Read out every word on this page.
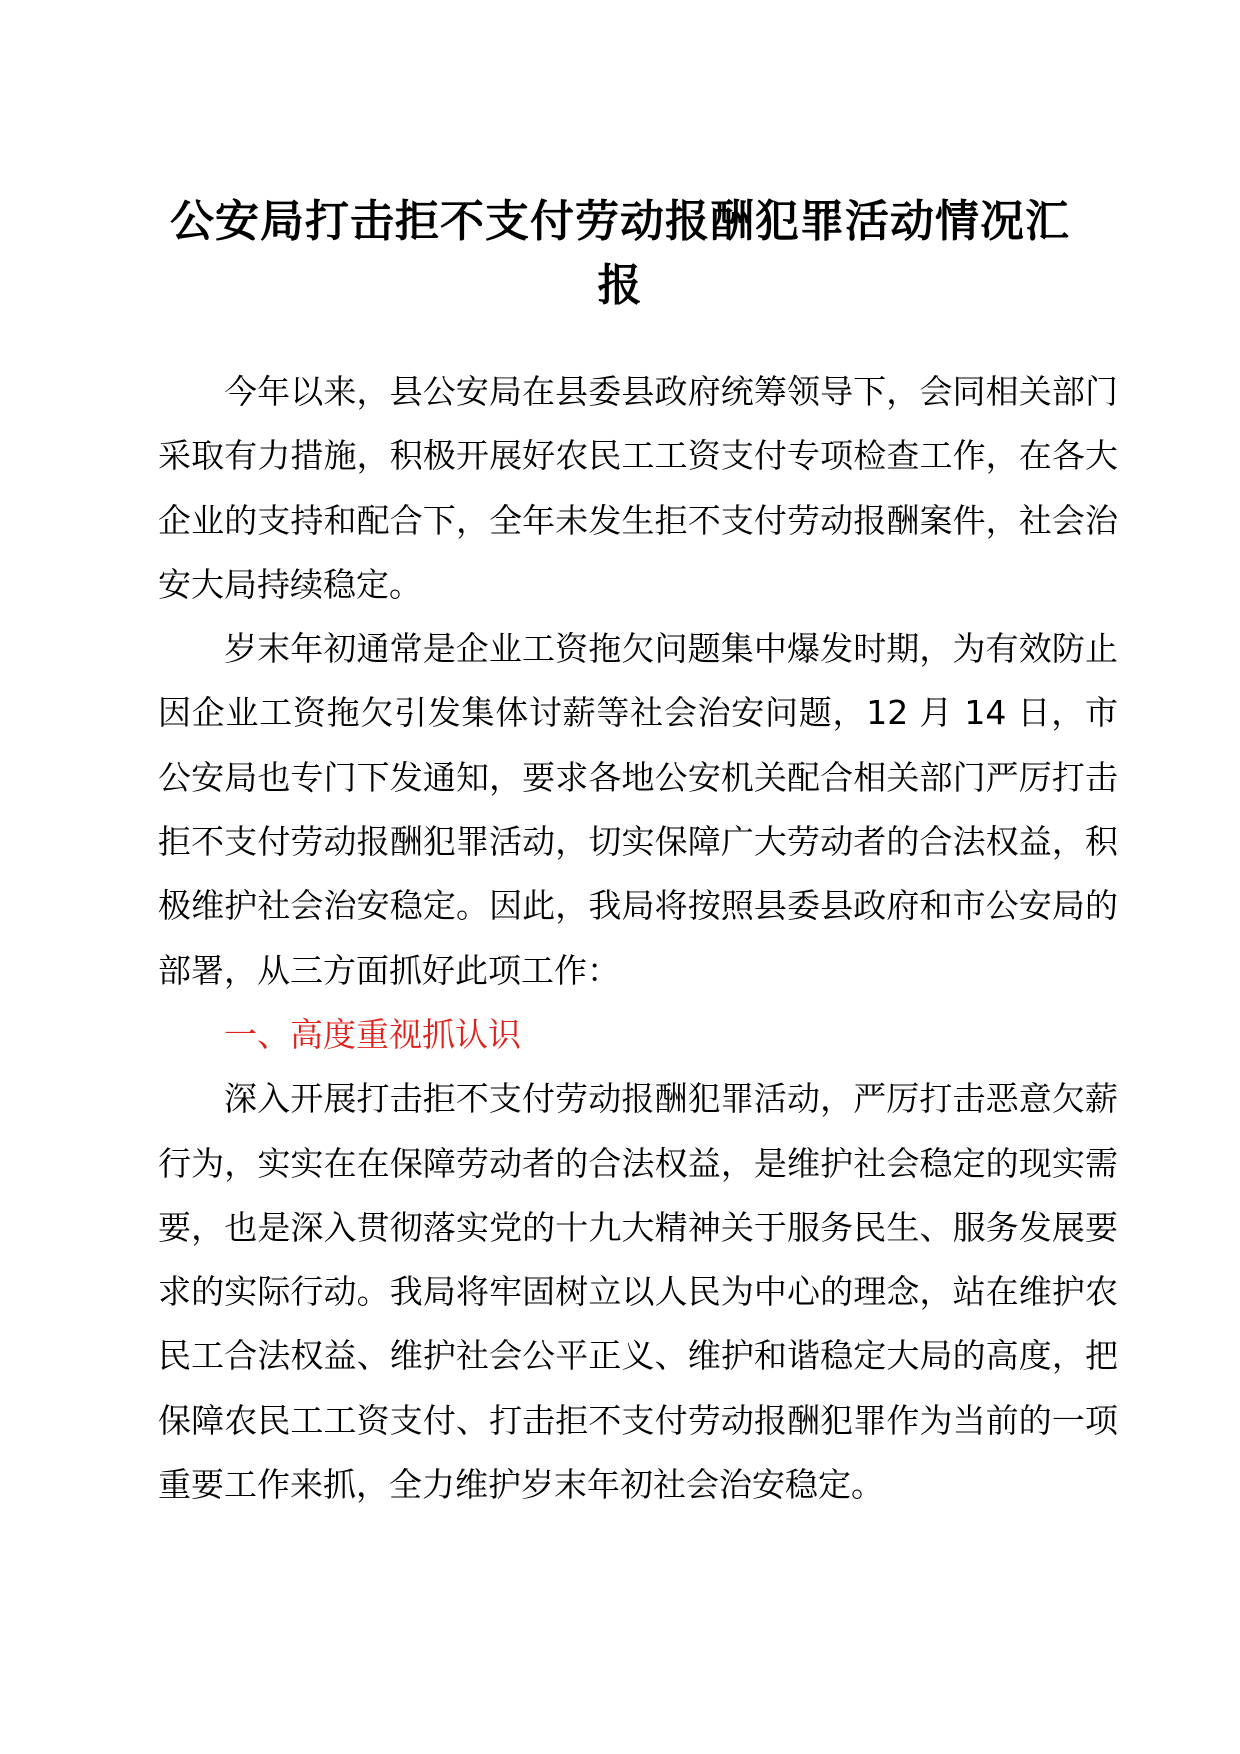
公安局打击拒不支付劳动报酬犯罪活动情况汇报

今年以来，县公安局在县委县政府统筹领导下，会同相关部门采取有力措施，积极开展好农民工工资支付专项检查工作，在各大企业的支持和配合下，全年未发生拒不支付劳动报酬案件，社会治安大局持续稳定。

岁末年初通常是企业工资拖欠问题集中爆发时期，为有效防止因企业工资拖欠引发集体讨薪等社会治安问题，12 月 14 日，市公安局也专门下发通知，要求各地公安机关配合相关部门严厉打击拒不支付劳动报酬犯罪活动，切实保障广大劳动者的合法权益，积极维护社会治安稳定。因此，我局将按照县委县政府和市公安局的部署，从三方面抓好此项工作：

一、高度重视抓认识

深入开展打击拒不支付劳动报酬犯罪活动，严厉打击恶意欠薪行为，实实在在保障劳动者的合法权益，是维护社会稳定的现实需要，也是深入贯彻落实党的十九大精神关于服务民生、服务发展要求的实际行动。我局将牢固树立以人民为中心的理念，站在维护农民工合法权益、维护社会公平正义、维护和谐稳定大局的高度，把保障农民工工资支付、打击拒不支付劳动报酬犯罪作为当前的一项重要工作来抓，全力维护岁末年初社会治安稳定。
